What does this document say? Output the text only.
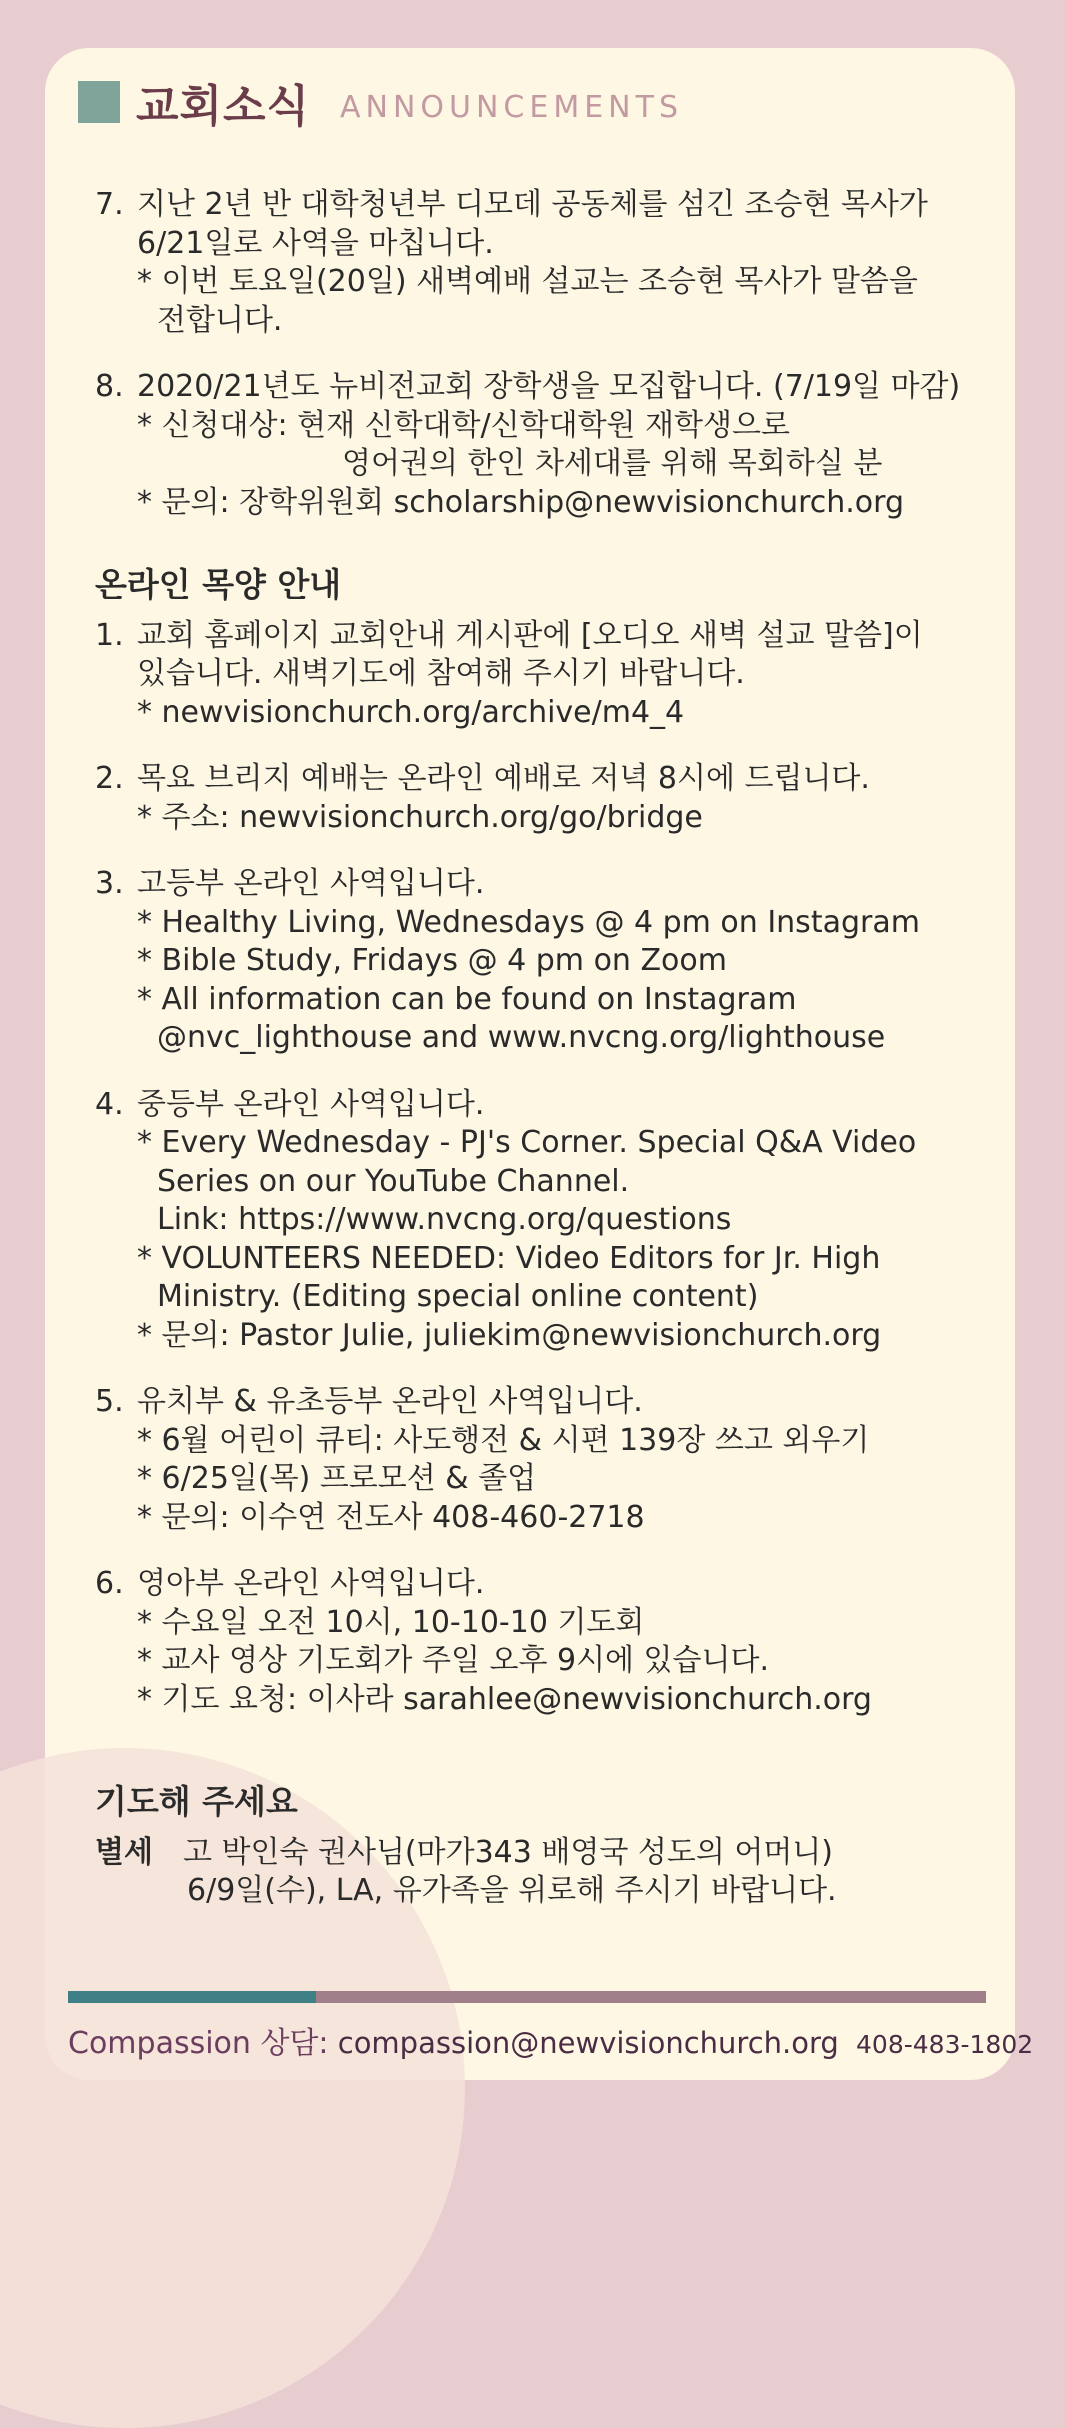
교회소식 ANNOUNCEMENTS
7. 지난 2년 반 대학청년부 디모데 공동체를 섬긴 조승현 목사가
6/21일로 사역을 마칩니다.
* 이번 토요일(20일) 새벽예배 설교는 조승현 목사가 말씀을
전합니다.
8. 2020/21년도 뉴비전교회 장학생을 모집합니다. (7/19일 마감)
* 신청대상: 현재 신학대학/신학대학원 재학생으로
영어권의 한인 차세대를 위해 목회하실 분
* 문의: 장학위원회 scholarship@newvisionchurch.org
온라인 목양 안내
1. 교회 홈페이지 교회안내 게시판에 [오디오 새벽 설교 말씀]이
있습니다. 새벽기도에 참여해 주시기 바랍니다.
* newvisionchurch.org/archive/m4_4
2. 목요 브리지 예배는 온라인 예배로 저녁 8시에 드립니다.
* 주소: newvisionchurch.org/go/bridge
3. 고등부 온라인 사역입니다.
* Healthy Living, Wednesdays @ 4 pm on Instagram
* Bible Study, Fridays @ 4 pm on Zoom
* All information can be found on Instagram
@nvc_lighthouse and www.nvcng.org/lighthouse
4. 중등부 온라인 사역입니다.
* Every Wednesday - PJ's Corner. Special Q&A Video
Series on our YouTube Channel.
Link: https://www.nvcng.org/questions
* VOLUNTEERS NEEDED: Video Editors for Jr. High
Ministry. (Editing special online content)
* 문의: Pastor Julie, juliekim@newvisionchurch.org
5. 유치부 & 유초등부 온라인 사역입니다.
* 6월 어린이 큐티: 사도행전 & 시편 139장 쓰고 외우기
* 6/25일(목) 프로모션 & 졸업
* 문의: 이수연 전도사 408-460-2718
6. 영아부 온라인 사역입니다.
* 수요일 오전 10시, 10-10-10 기도회
* 교사 영상 기도회가 주일 오후 9시에 있습니다.
* 기도 요청: 이사라 sarahlee@newvisionchurch.org
기도해 주세요
별세 고 박인숙 권사님(마가343 배영국 성도의 어머니)
6/9일(수), LA, 유가족을 위로해 주시기 바랍니다.
Compassion 상담: compassion@newvisionchurch.org 408-483-1802
